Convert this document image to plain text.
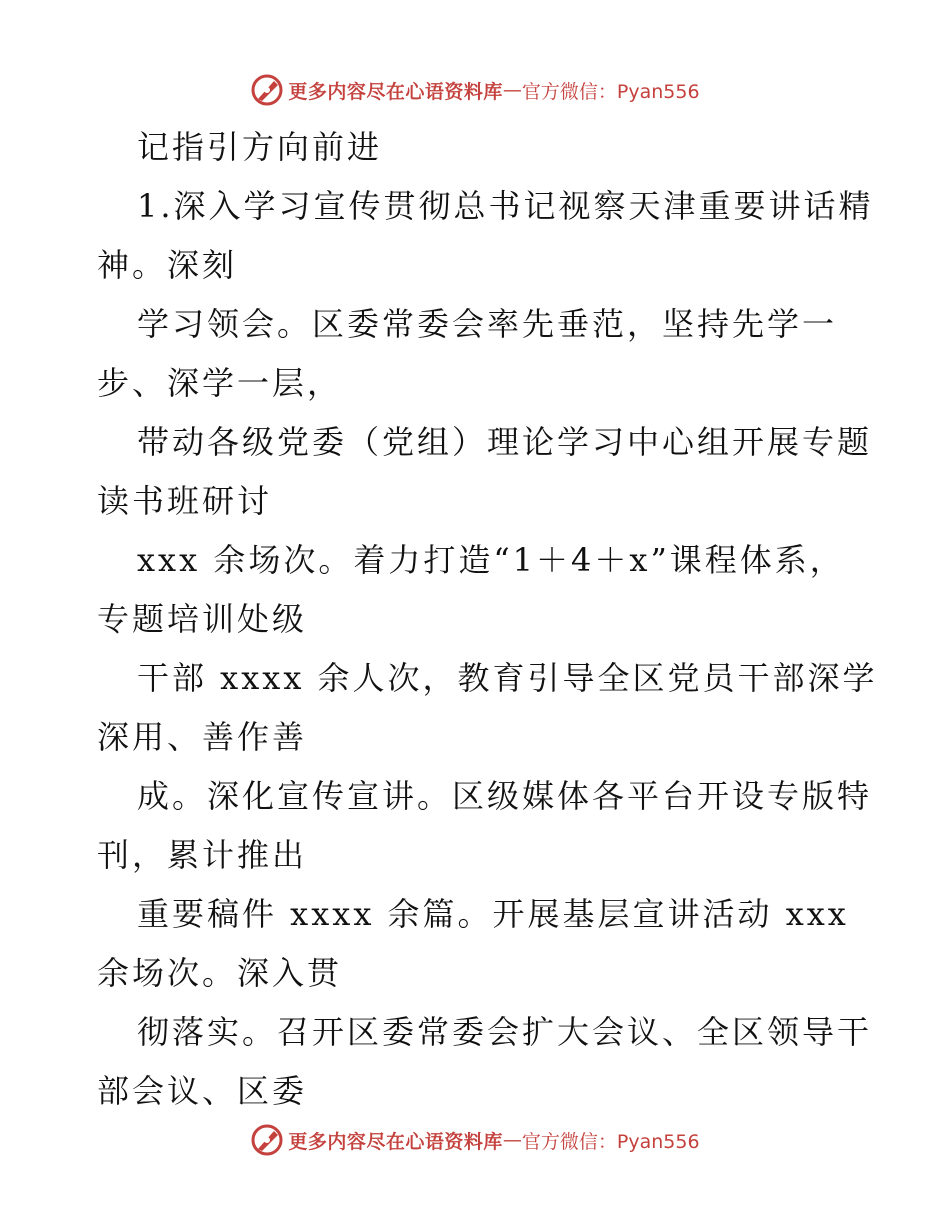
更多内容尽在心语资料库 — 官方微信：Pyan556
记指引方向前进
1.深入学习宣传贯彻总书记视察天津重要讲话精
神。深刻
学习领会。区委常委会率先垂范，坚持先学一
步、深学一层，
带动各级党委（党组）理论学习中心组开展专题
读书班研讨
xxx 余场次。着力打造“1＋4＋x”课程体系，
专题培训处级
干部 xxxx 余人次，教育引导全区党员干部深学
深用、善作善
成。深化宣传宣讲。区级媒体各平台开设专版特
刊，累计推出
重要稿件 xxxx 余篇。开展基层宣讲活动 xxx
余场次。深入贯
彻落实。召开区委常委会扩大会议、全区领导干
部会议、区委
更多内容尽在心语资料库 — 官方微信：Pyan556
